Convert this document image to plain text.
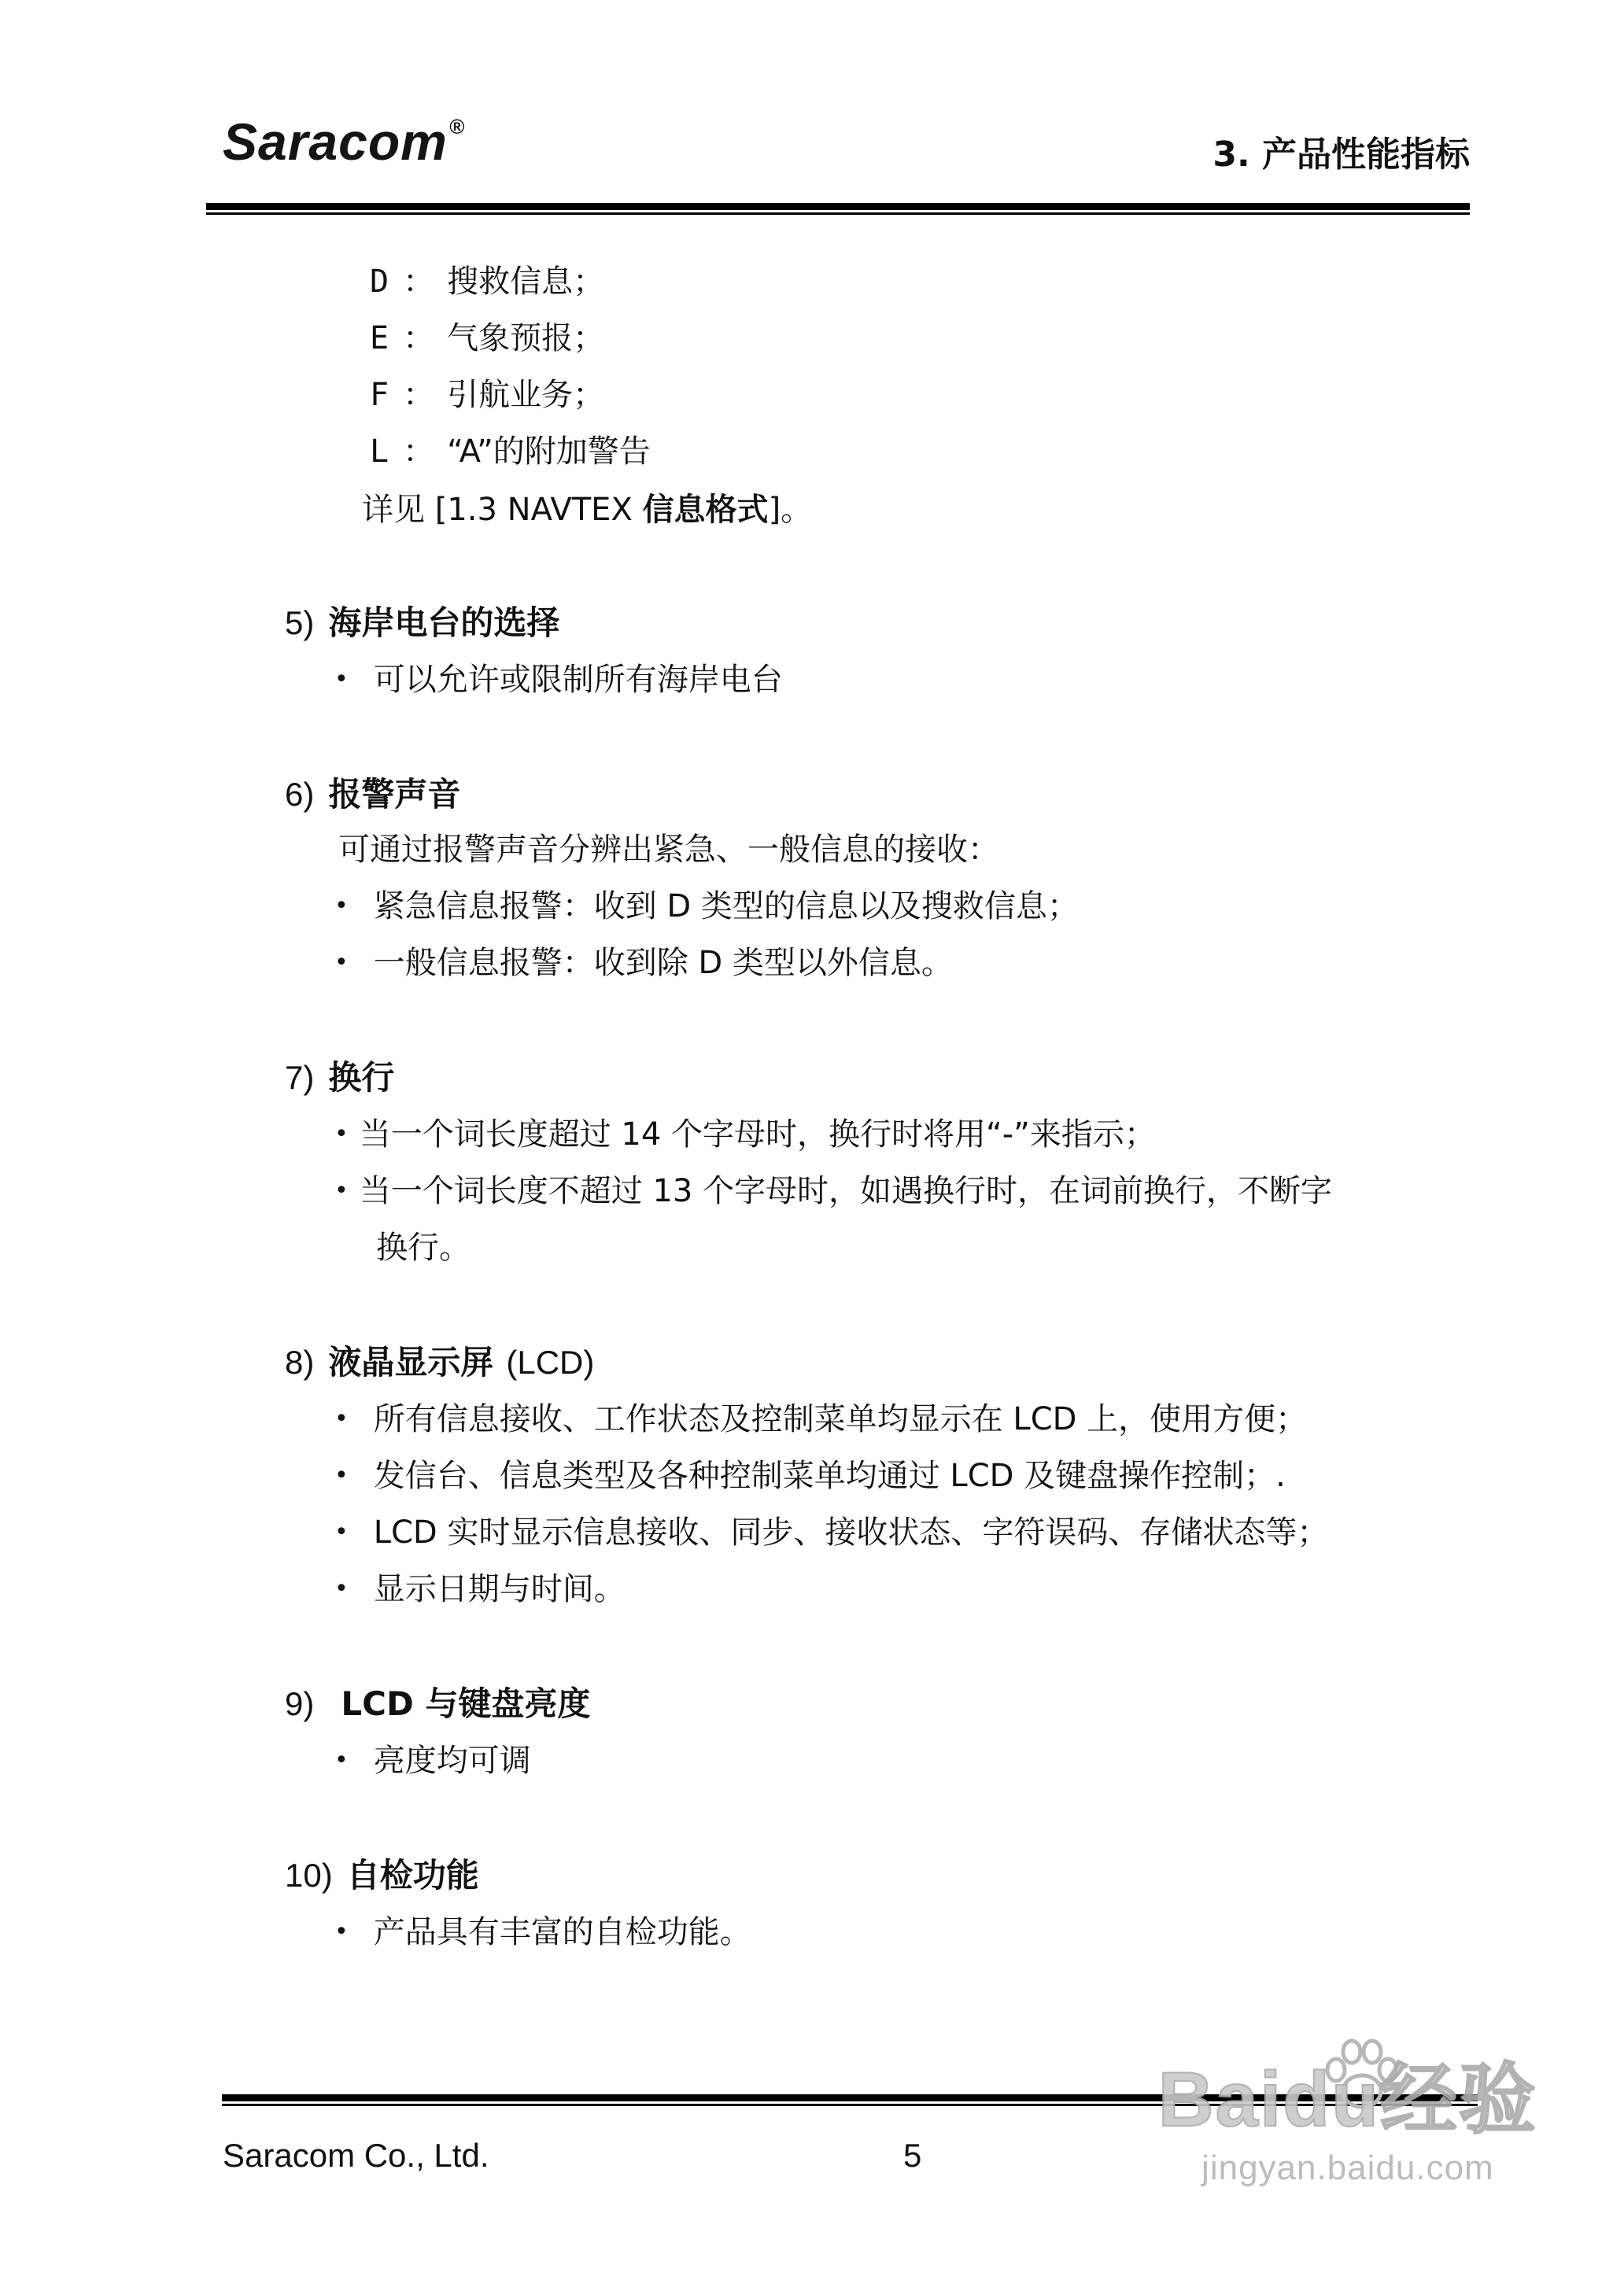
Saracom®
3. 产品性能指标
D ： 搜救信息；
E ： 气象预报；
F ： 引航业务；
L ： “A”的附加警告
详见 [1.3 NAVTEX 信息格式]。
5) 海岸电台的选择
• 可以允许或限制所有海岸电台
6) 报警声音
可通过报警声音分辨出紧急、一般信息的接收：
• 紧急信息报警：收到 D 类型的信息以及搜救信息；
• 一般信息报警：收到除 D 类型以外信息。
7) 换行
• 当一个词长度超过 14 个字母时，换行时将用“-”来指示；
• 当一个词长度不超过 13 个字母时，如遇换行时，在词前换行，不断字
换行。
8) 液晶显示屏 (LCD)
• 所有信息接收、工作状态及控制菜单均显示在 LCD 上，使用方便；
• 发信台、信息类型及各种控制菜单均通过 LCD 及键盘操作控制；.
• LCD 实时显示信息接收、同步、接收状态、字符误码、存储状态等；
• 显示日期与时间。
9) LCD 与键盘亮度
• 亮度均可调
10) 自检功能
• 产品具有丰富的自检功能。
Saracom Co., Ltd.	5
Baidu经验
jingyan.baidu.com
